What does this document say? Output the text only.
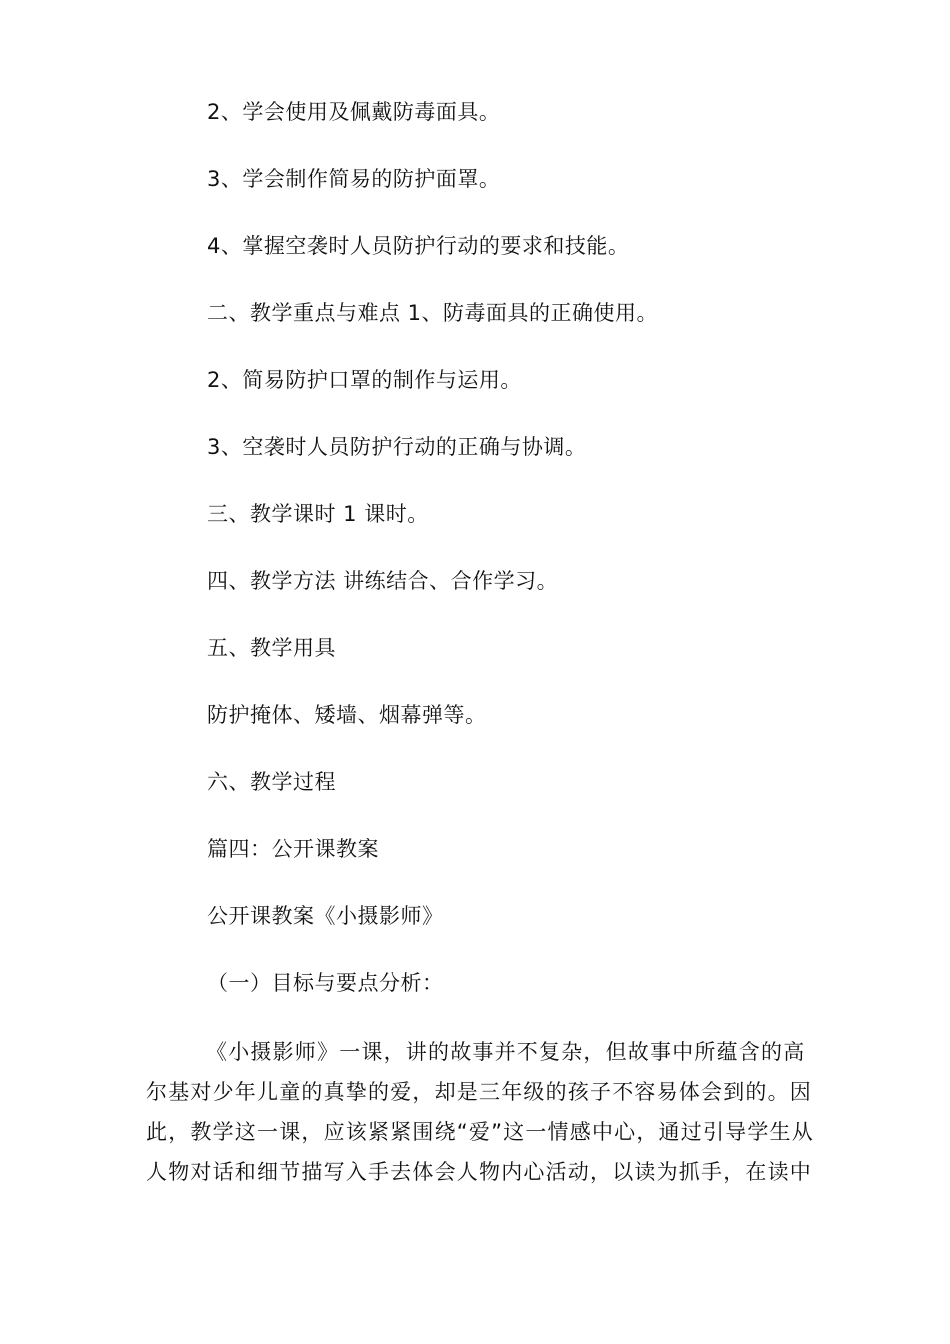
2、学会使用及佩戴防毒面具。
3、学会制作简易的防护面罩。
4、掌握空袭时人员防护行动的要求和技能。
二、教学重点与难点 1、防毒面具的正确使用。
2、简易防护口罩的制作与运用。
3、空袭时人员防护行动的正确与协调。
三、教学课时 1 课时。
四、教学方法 讲练结合、合作学习。
五、教学用具
防护掩体、矮墙、烟幕弹等。
六、教学过程
篇四：公开课教案
公开课教案《小摄影师》
（一）目标与要点分析：
《小摄影师》一课，讲的故事并不复杂，但故事中所蕴含的高
尔基对少年儿童的真挚的爱，却是三年级的孩子不容易体会到的。因
此，教学这一课，应该紧紧围绕“爱”这一情感中心，通过引导学生从
人物对话和细节描写入手去体会人物内心活动，以读为抓手，在读中
